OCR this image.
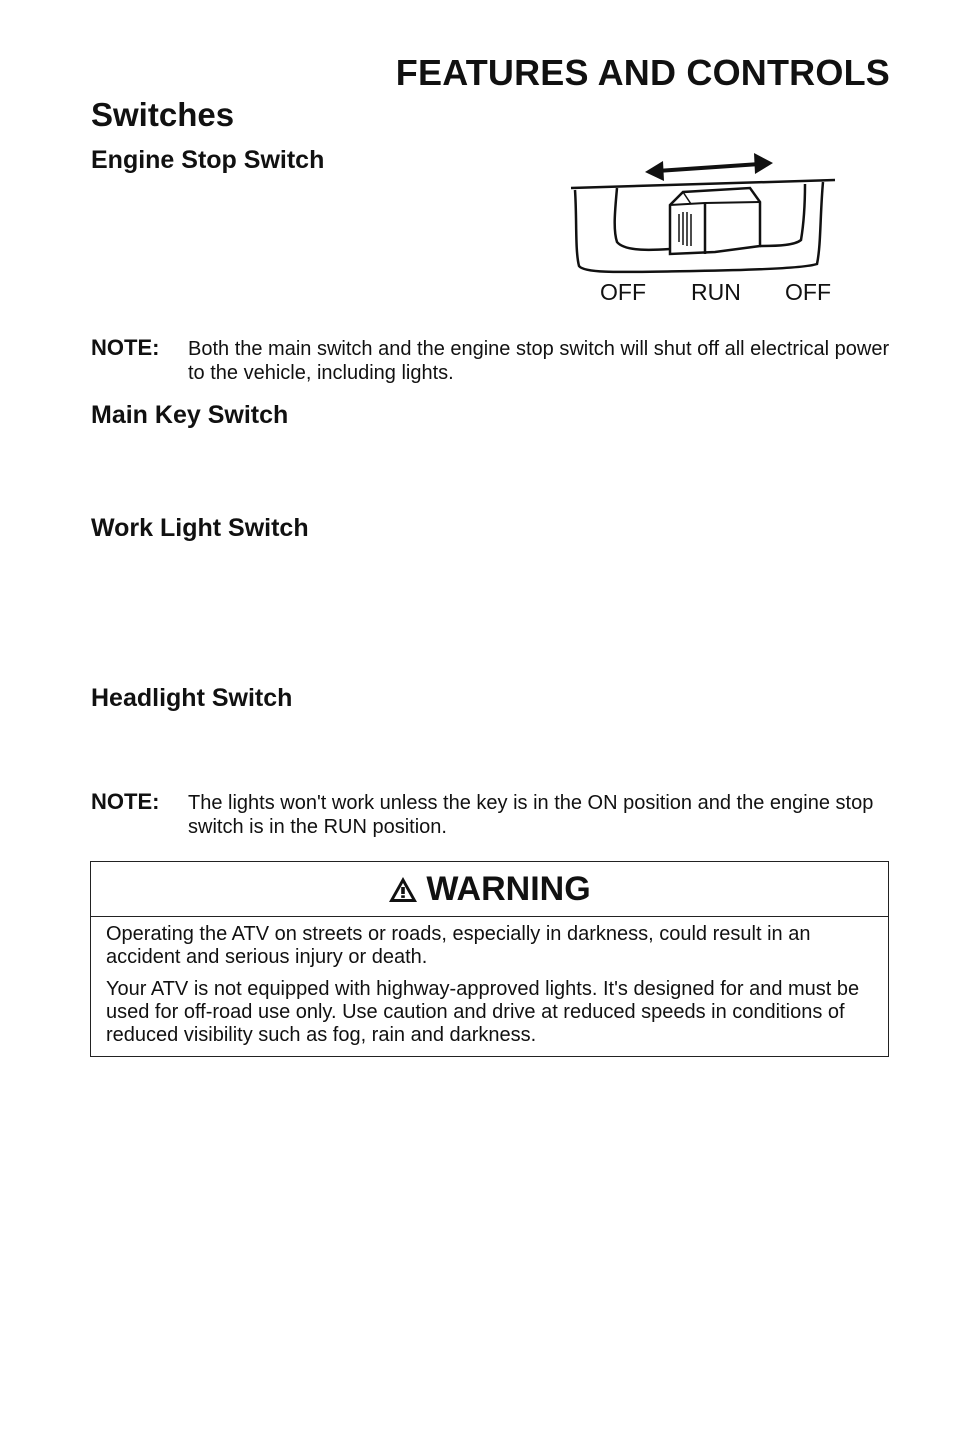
FEATURES AND CONTROLS
Switches
Engine Stop Switch
OFF RUN OFF
NOTE: Both the main switch and the engine stop switch will shut off all electrical power to the vehicle, including lights.
Main Key Switch
Work Light Switch
Headlight Switch
NOTE: The lights won't work unless the key is in the ON position and the engine stop switch is in the RUN position.
WARNING

Operating the ATV on streets or roads, especially in darkness, could result in an accident and serious injury or death.

Your ATV is not equipped with highway-approved lights. It's designed for and must be used for off-road use only. Use caution and drive at reduced speeds in conditions of reduced visibility such as fog, rain and darkness.
